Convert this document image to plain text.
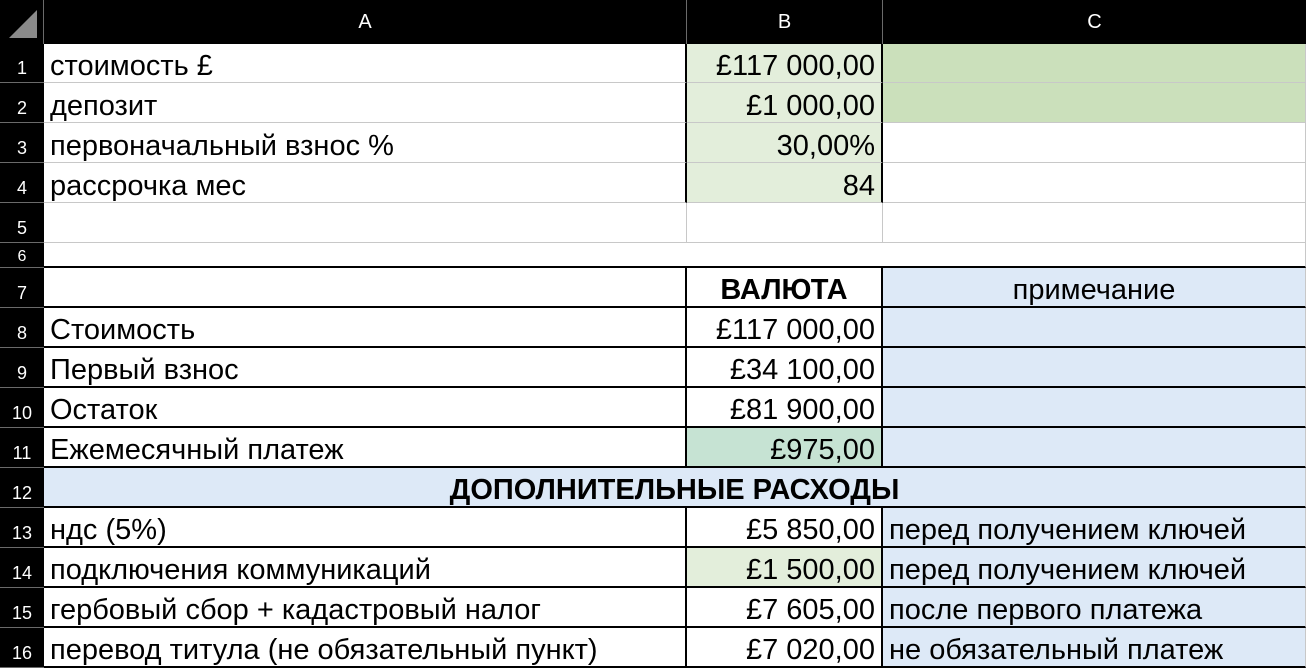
A	B	C
1 стоимость £	£117 000,00
2 депозит	£1 000,00
3 первоначальный взнос %	30,00%
4 рассрочка мес	84
5
6
7	ВАЛЮТА	примечание
8 Стоимость	£117 000,00
9 Первый взнос	£34 100,00
10 Остаток	£81 900,00
11 Ежемесячный платеж	£975,00
12	ДОПОЛНИТЕЛЬНЫЕ РАСХОДЫ
13 ндс (5%)	£5 850,00 перед получением ключей
14 подключения коммуникаций	£1 500,00 перед получением ключей
15 гербовый сбор + кадастровый налог	£7 605,00 после первого платежа
16 перевод титула (не обязательный пункт)	£7 020,00 не обязательный платеж
